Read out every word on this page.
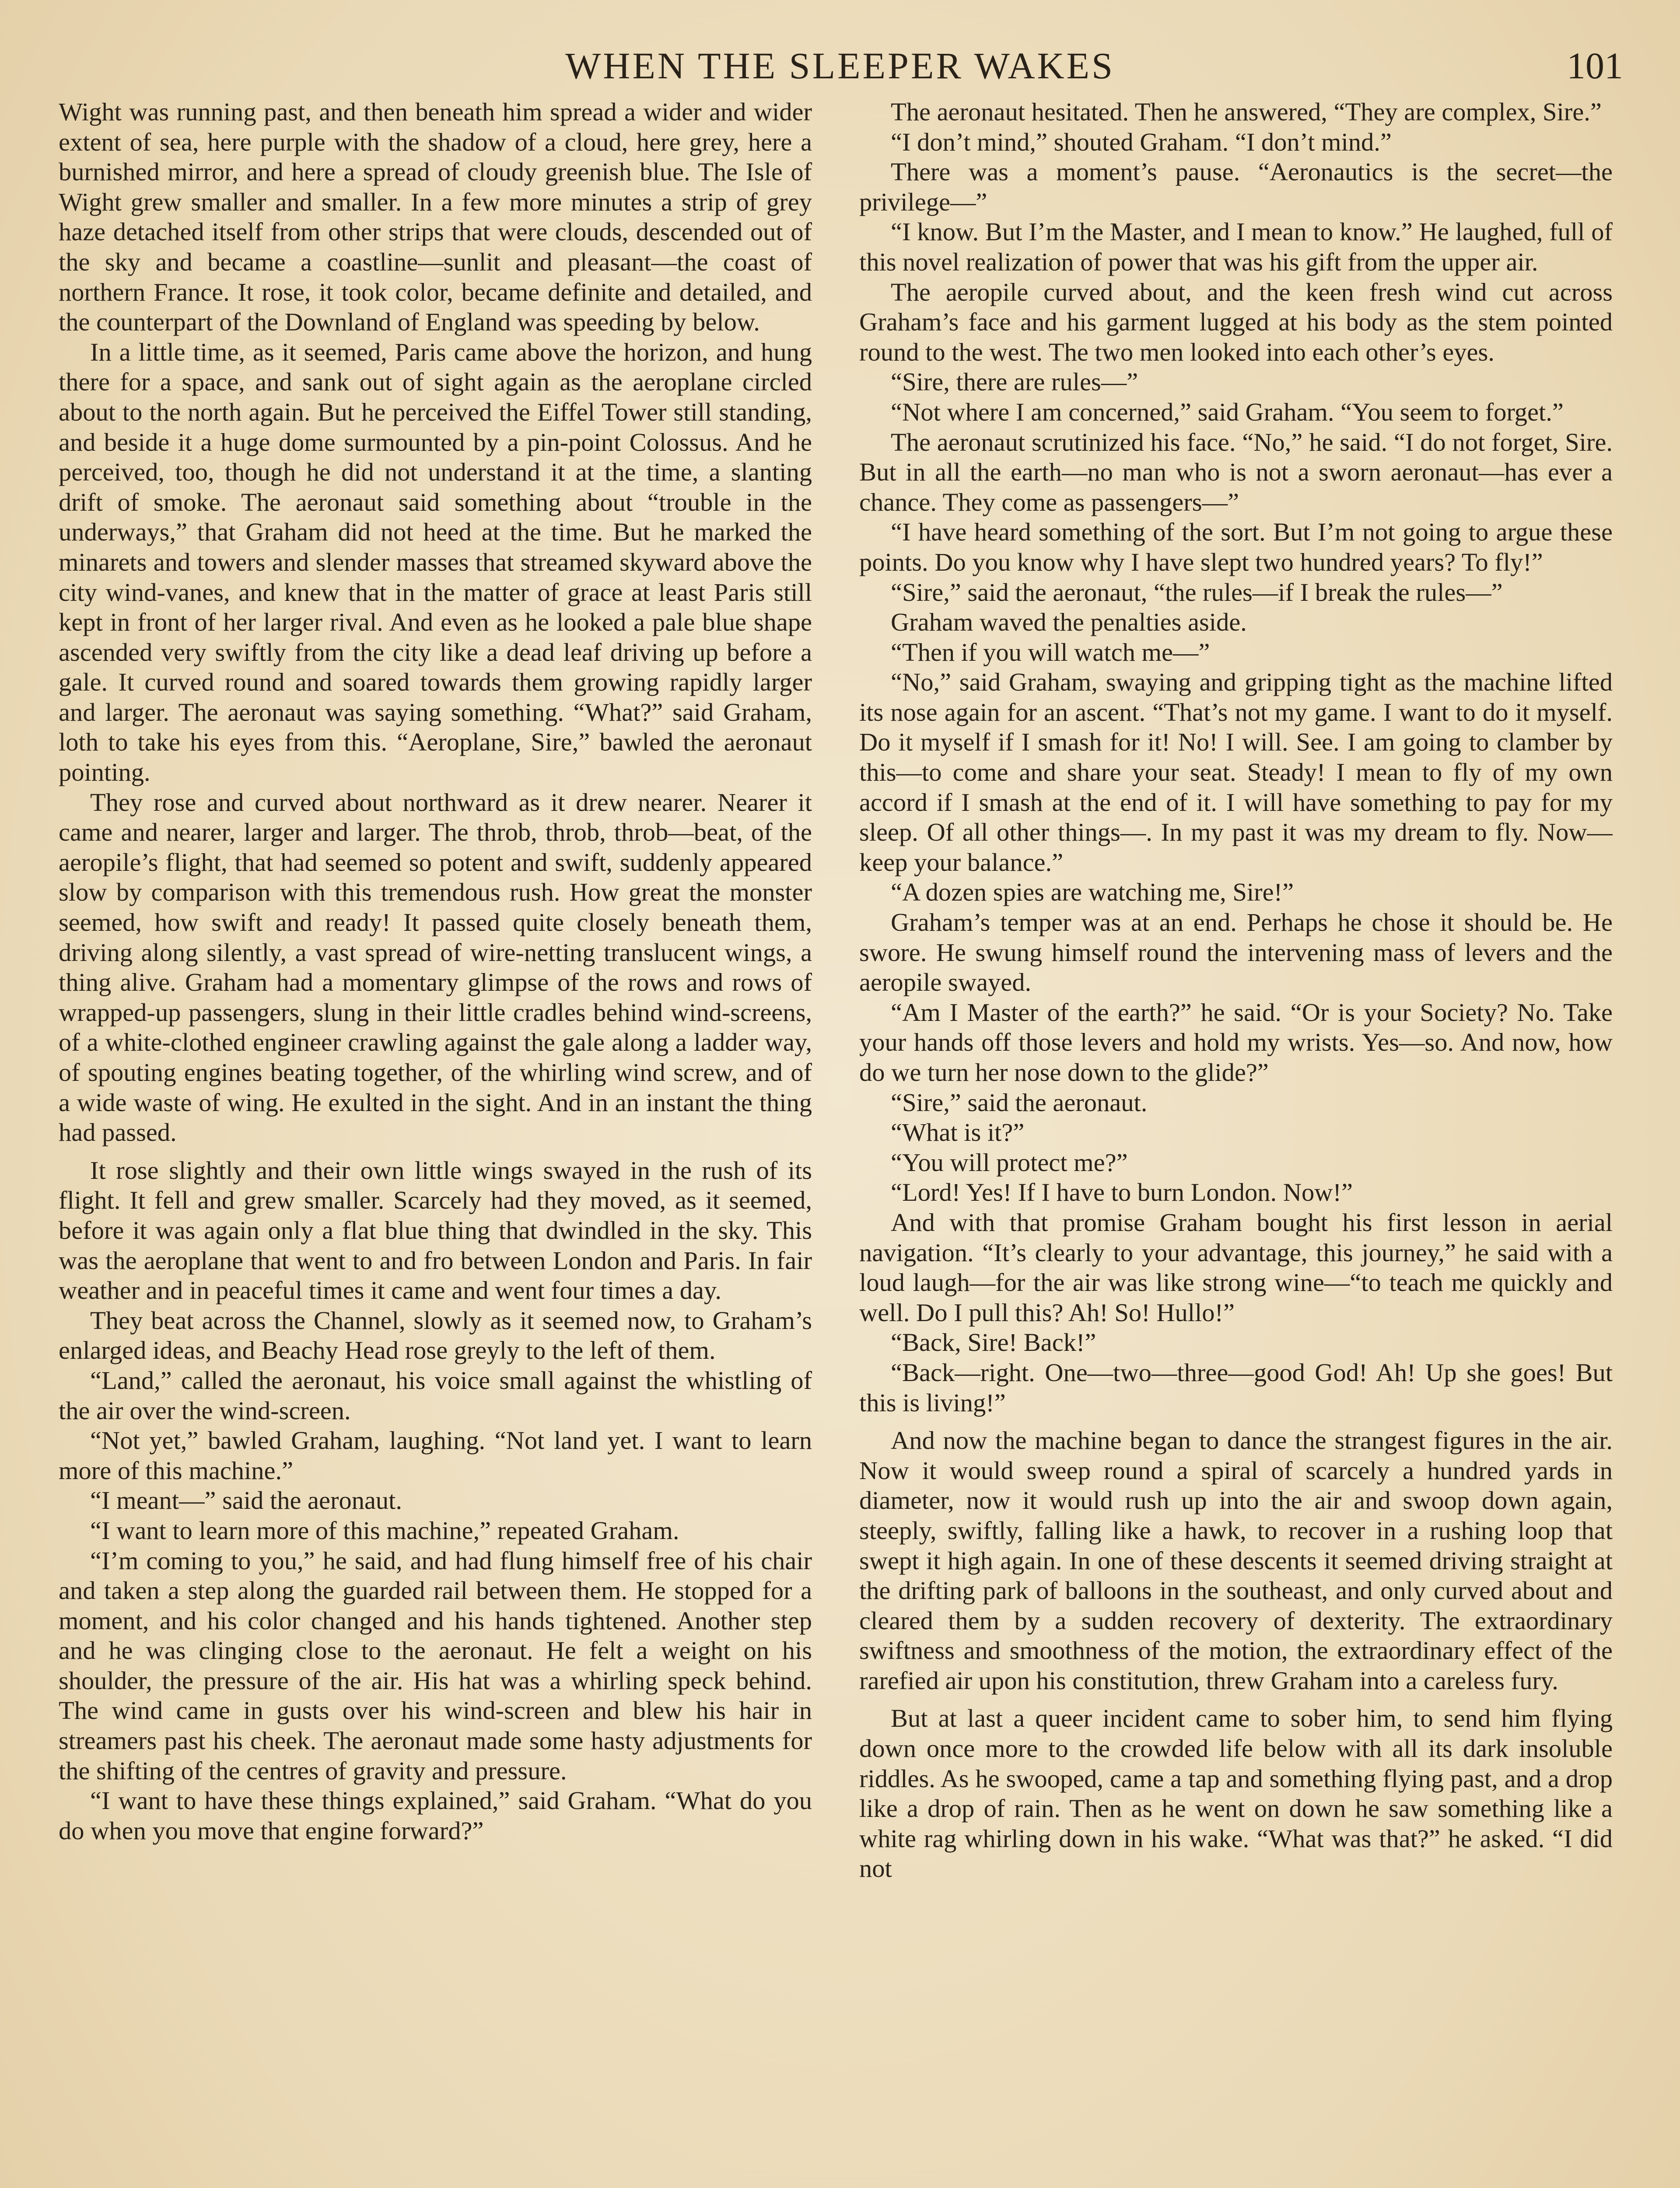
WHEN THE SLEEPER WAKES	101

Wight was running past, and then beneath him spread a wider and wider extent of sea, here purple with the shadow of a cloud, here grey, here a burnished mirror, and here a spread of cloudy greenish blue. The Isle of Wight grew smaller and smaller. In a few more minutes a strip of grey haze detached itself from other strips that were clouds, descended out of the sky and became a coastline—sunlit and pleasant—the coast of northern France. It rose, it took color, became definite and detailed, and the counterpart of the Downland of England was speeding by below.

In a little time, as it seemed, Paris came above the horizon, and hung there for a space, and sank out of sight again as the aeroplane circled about to the north again. But he perceived the Eiffel Tower still standing, and beside it a huge dome surmounted by a pin-point Colossus. And he perceived, too, though he did not understand it at the time, a slanting drift of smoke. The aeronaut said something about “trouble in the underways,” that Graham did not heed at the time. But he marked the minarets and towers and slender masses that streamed skyward above the city wind-vanes, and knew that in the matter of grace at least Paris still kept in front of her larger rival. And even as he looked a pale blue shape ascended very swiftly from the city like a dead leaf driving up before a gale. It curved round and soared towards them growing rapidly larger and larger. The aeronaut was saying something. “What?” said Graham, loth to take his eyes from this. “Aeroplane, Sire,” bawled the aeronaut pointing.

They rose and curved about northward as it drew nearer. Nearer it came and nearer, larger and larger. The throb, throb, throb—beat, of the aeropile’s flight, that had seemed so potent and swift, suddenly appeared slow by comparison with this tremendous rush. How great the monster seemed, how swift and ready! It passed quite closely beneath them, driving along silently, a vast spread of wire-netting translucent wings, a thing alive. Graham had a momentary glimpse of the rows and rows of wrapped-up passengers, slung in their little cradles behind wind-screens, of a white-clothed engineer crawling against the gale along a ladder way, of spouting engines beating together, of the whirling wind screw, and of a wide waste of wing. He exulted in the sight. And in an instant the thing had passed.

It rose slightly and their own little wings swayed in the rush of its flight. It fell and grew smaller. Scarcely had they moved, as it seemed, before it was again only a flat blue thing that dwindled in the sky. This was the aeroplane that went to and fro between London and Paris. In fair weather and in peaceful times it came and went four times a day.

They beat across the Channel, slowly as it seemed now, to Graham’s enlarged ideas, and Beachy Head rose greyly to the left of them.

“Land,” called the aeronaut, his voice small against the whistling of the air over the wind-screen.

“Not yet,” bawled Graham, laughing. “Not land yet. I want to learn more of this machine.”

“I meant—” said the aeronaut.

“I want to learn more of this machine,” repeated Graham.

“I’m coming to you,” he said, and had flung himself free of his chair and taken a step along the guarded rail between them. He stopped for a moment, and his color changed and his hands tightened. Another step and he was clinging close to the aeronaut. He felt a weight on his shoulder, the pressure of the air. His hat was a whirling speck behind. The wind came in gusts over his wind-screen and blew his hair in streamers past his cheek. The aeronaut made some hasty adjustments for the shifting of the centres of gravity and pressure.

“I want to have these things explained,” said Graham. “What do you do when you move that engine forward?”

The aeronaut hesitated. Then he answered, “They are complex, Sire.”

“I don’t mind,” shouted Graham. “I don’t mind.”

There was a moment’s pause. “Aeronautics is the secret—the privilege—”

“I know. But I’m the Master, and I mean to know.” He laughed, full of this novel realization of power that was his gift from the upper air.

The aeropile curved about, and the keen fresh wind cut across Graham’s face and his garment lugged at his body as the stem pointed round to the west. The two men looked into each other’s eyes.

“Sire, there are rules—”

“Not where I am concerned,” said Graham. “You seem to forget.”

The aeronaut scrutinized his face. “No,” he said. “I do not forget, Sire. But in all the earth—no man who is not a sworn aeronaut—has ever a chance. They come as passengers—”

“I have heard something of the sort. But I’m not going to argue these points. Do you know why I have slept two hundred years? To fly!”

“Sire,” said the aeronaut, “the rules—if I break the rules—”

Graham waved the penalties aside.

“Then if you will watch me—”

“No,” said Graham, swaying and gripping tight as the machine lifted its nose again for an ascent. “That’s not my game. I want to do it myself. Do it myself if I smash for it! No! I will. See. I am going to clamber by this—to come and share your seat. Steady! I mean to fly of my own accord if I smash at the end of it. I will have something to pay for my sleep. Of all other things—. In my past it was my dream to fly. Now—keep your balance.”

“A dozen spies are watching me, Sire!”

Graham’s temper was at an end. Perhaps he chose it should be. He swore. He swung himself round the intervening mass of levers and the aeropile swayed.

“Am I Master of the earth?” he said. “Or is your Society? No. Take your hands off those levers and hold my wrists. Yes—so. And now, how do we turn her nose down to the glide?”

“Sire,” said the aeronaut.

“What is it?”

“You will protect me?”

“Lord! Yes! If I have to burn London. Now!”

And with that promise Graham bought his first lesson in aerial navigation. “It’s clearly to your advantage, this journey,” he said with a loud laugh—for the air was like strong wine—“to teach me quickly and well. Do I pull this? Ah! So! Hullo!”

“Back, Sire! Back!”

“Back—right. One—two—three—good God! Ah! Up she goes! But this is living!”

And now the machine began to dance the strangest figures in the air. Now it would sweep round a spiral of scarcely a hundred yards in diameter, now it would rush up into the air and swoop down again, steeply, swiftly, falling like a hawk, to recover in a rushing loop that swept it high again. In one of these descents it seemed driving straight at the drifting park of balloons in the southeast, and only curved about and cleared them by a sudden recovery of dexterity. The extraordinary swiftness and smoothness of the motion, the extraordinary effect of the rarefied air upon his constitution, threw Graham into a careless fury.

But at last a queer incident came to sober him, to send him flying down once more to the crowded life below with all its dark insoluble riddles. As he swooped, came a tap and something flying past, and a drop like a drop of rain. Then as he went on down he saw something like a white rag whirling down in his wake. “What was that?” he asked. “I did not
